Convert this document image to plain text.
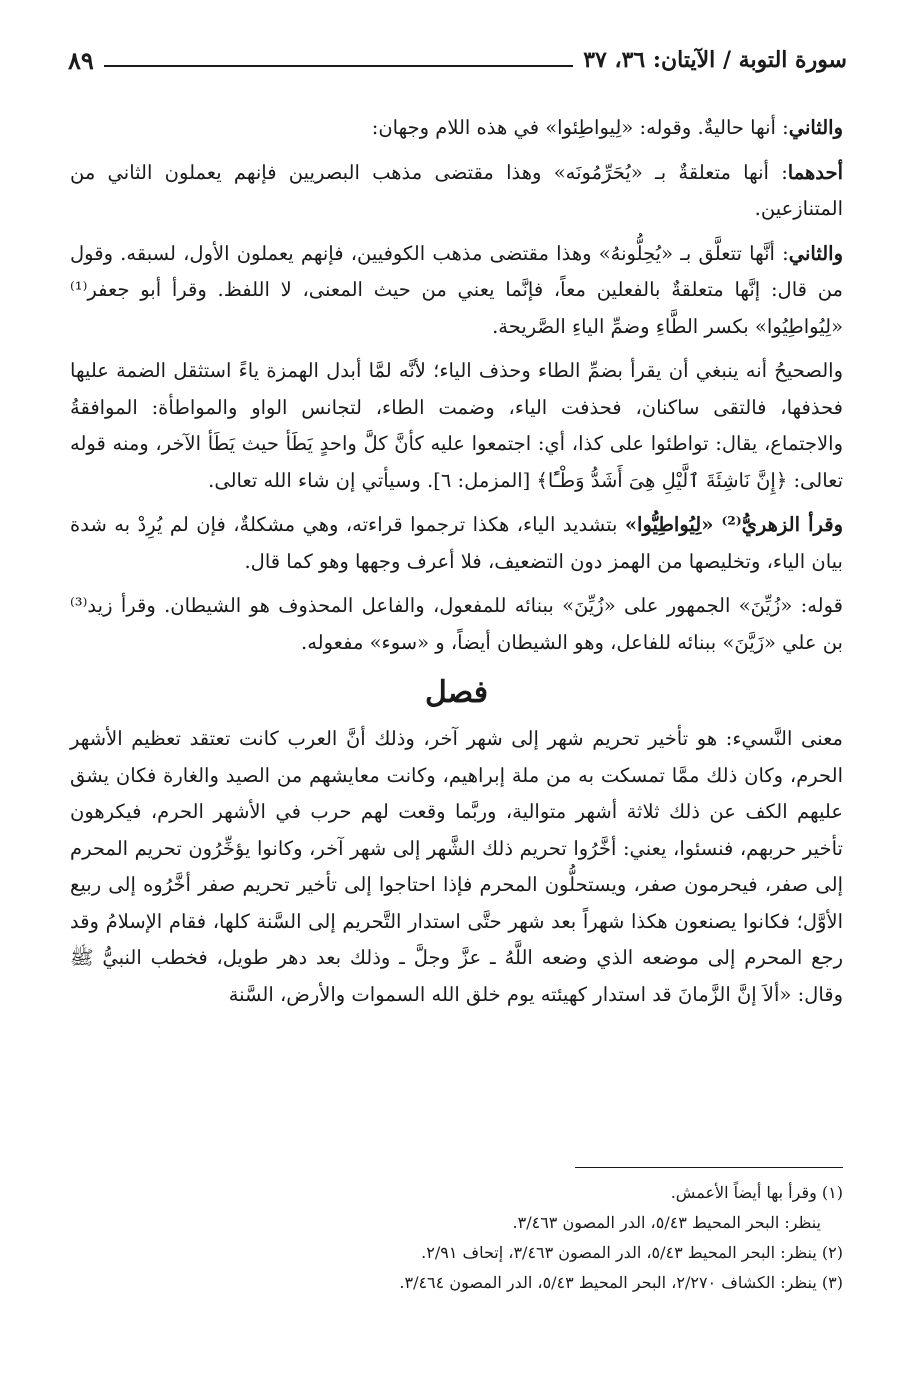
سورة التوبة / الآيتان: ٣٦، ٣٧
٨٩

والثاني: أنها حاليةٌ. وقوله: «لِيواطِئوا» في هذه اللام وجهان:

أحدهما: أنها متعلقةٌ بـ «يُحَرِّمُونَه» وهذا مقتضى مذهب البصريين فإنهم يعملون الثاني من المتنازعين.

والثاني: أنَّها تتعلَّق بـ «يُحِلُّونهُ» وهذا مقتضى مذهب الكوفيين، فإنهم يعملون الأول، لسبقه. وقول من قال: إنَّها متعلقةٌ بالفعلين معاً، فإنَّما يعني من حيث المعنى، لا اللفظ. وقرأ أبو جعفر⁽¹⁾ «لِيُواطِيُوا» بكسر الطَّاءِ وضمِّ الياءِ الصَّريحة.

والصحيحُ أنه ينبغي أن يقرأ بضمِّ الطاء وحذف الياء؛ لأنَّه لمَّا أبدل الهمزة ياءً استثقل الضمة عليها فحذفها، فالتقى ساكنان، فحذفت الياء، وضمت الطاء، لتجانس الواو والمواطأة: الموافقةُ والاجتماع، يقال: تواطئوا على كذا، أي: اجتمعوا عليه كأنَّ كلَّ واحدٍ يَطَأ حيث يَطَأ الآخر، ومنه قوله تعالى: ﴿إِنَّ نَاشِئَةَ ٱلَّيْلِ هِىَ أَشَدُّ وَطْـًٔا﴾ [المزمل: ٦]. وسيأتي إن شاء الله تعالى.

وقرأ الزهريُّ⁽²⁾ «لِيُواطِيُّوا» بتشديد الياء، هكذا ترجموا قراءته، وهي مشكلةٌ، فإن لم يُرِدْ به شدة بيان الياء، وتخليصها من الهمز دون التضعيف، فلا أعرف وجهها وهو كما قال.

قوله: «زُيِّنَ» الجمهور على «زُيِّنَ» ببنائه للمفعول، والفاعل المحذوف هو الشيطان. وقرأ زيد⁽³⁾ بن علي «زَيَّنَ» ببنائه للفاعل، وهو الشيطان أيضاً، و «سوء» مفعوله.

فصل

معنى النَّسيء: هو تأخير تحريم شهر إلى شهر آخر، وذلك أنَّ العرب كانت تعتقد تعظيم الأشهر الحرم، وكان ذلك ممَّا تمسكت به من ملة إبراهيم، وكانت معايشهم من الصيد والغارة فكان يشق عليهم الكف عن ذلك ثلاثة أشهر متوالية، وربَّما وقعت لهم حرب في الأشهر الحرم، فيكرهون تأخير حربهم، فنسئوا، يعني: أخَّرُوا تحريم ذلك الشَّهر إلى شهر آخر، وكانوا يؤخِّرُون تحريم المحرم إلى صفر، فيحرمون صفر، ويستحلُّون المحرم فإذا احتاجوا إلى تأخير تحريم صفر أخَّرُوه إلى ربيع الأوَّل؛ فكانوا يصنعون هكذا شهراً بعد شهر حتَّى استدار التَّحريم إلى السَّنة كلها، فقام الإسلامُ وقد رجع المحرم إلى موضعه الذي وضعه اللَّهُ ـ عزَّ وجلَّ ـ وذلك بعد دهر طويل، فخطب النبيُّ ﷺ وقال: «ألاَ إنَّ الزَّمانَ قد استدار كهيئته يوم خلق الله السموات والأرض، السَّنة

(١) وقرأ بها أيضاً الأعمش.
ينظر: البحر المحيط ٥/٤٣، الدر المصون ٣/٤٦٣.
(٢) ينظر: البحر المحيط ٥/٤٣، الدر المصون ٣/٤٦٣، إتحاف ٢/٩١.
(٣) ينظر: الكشاف ٢/٢٧٠، البحر المحيط ٥/٤٣، الدر المصون ٣/٤٦٤.
